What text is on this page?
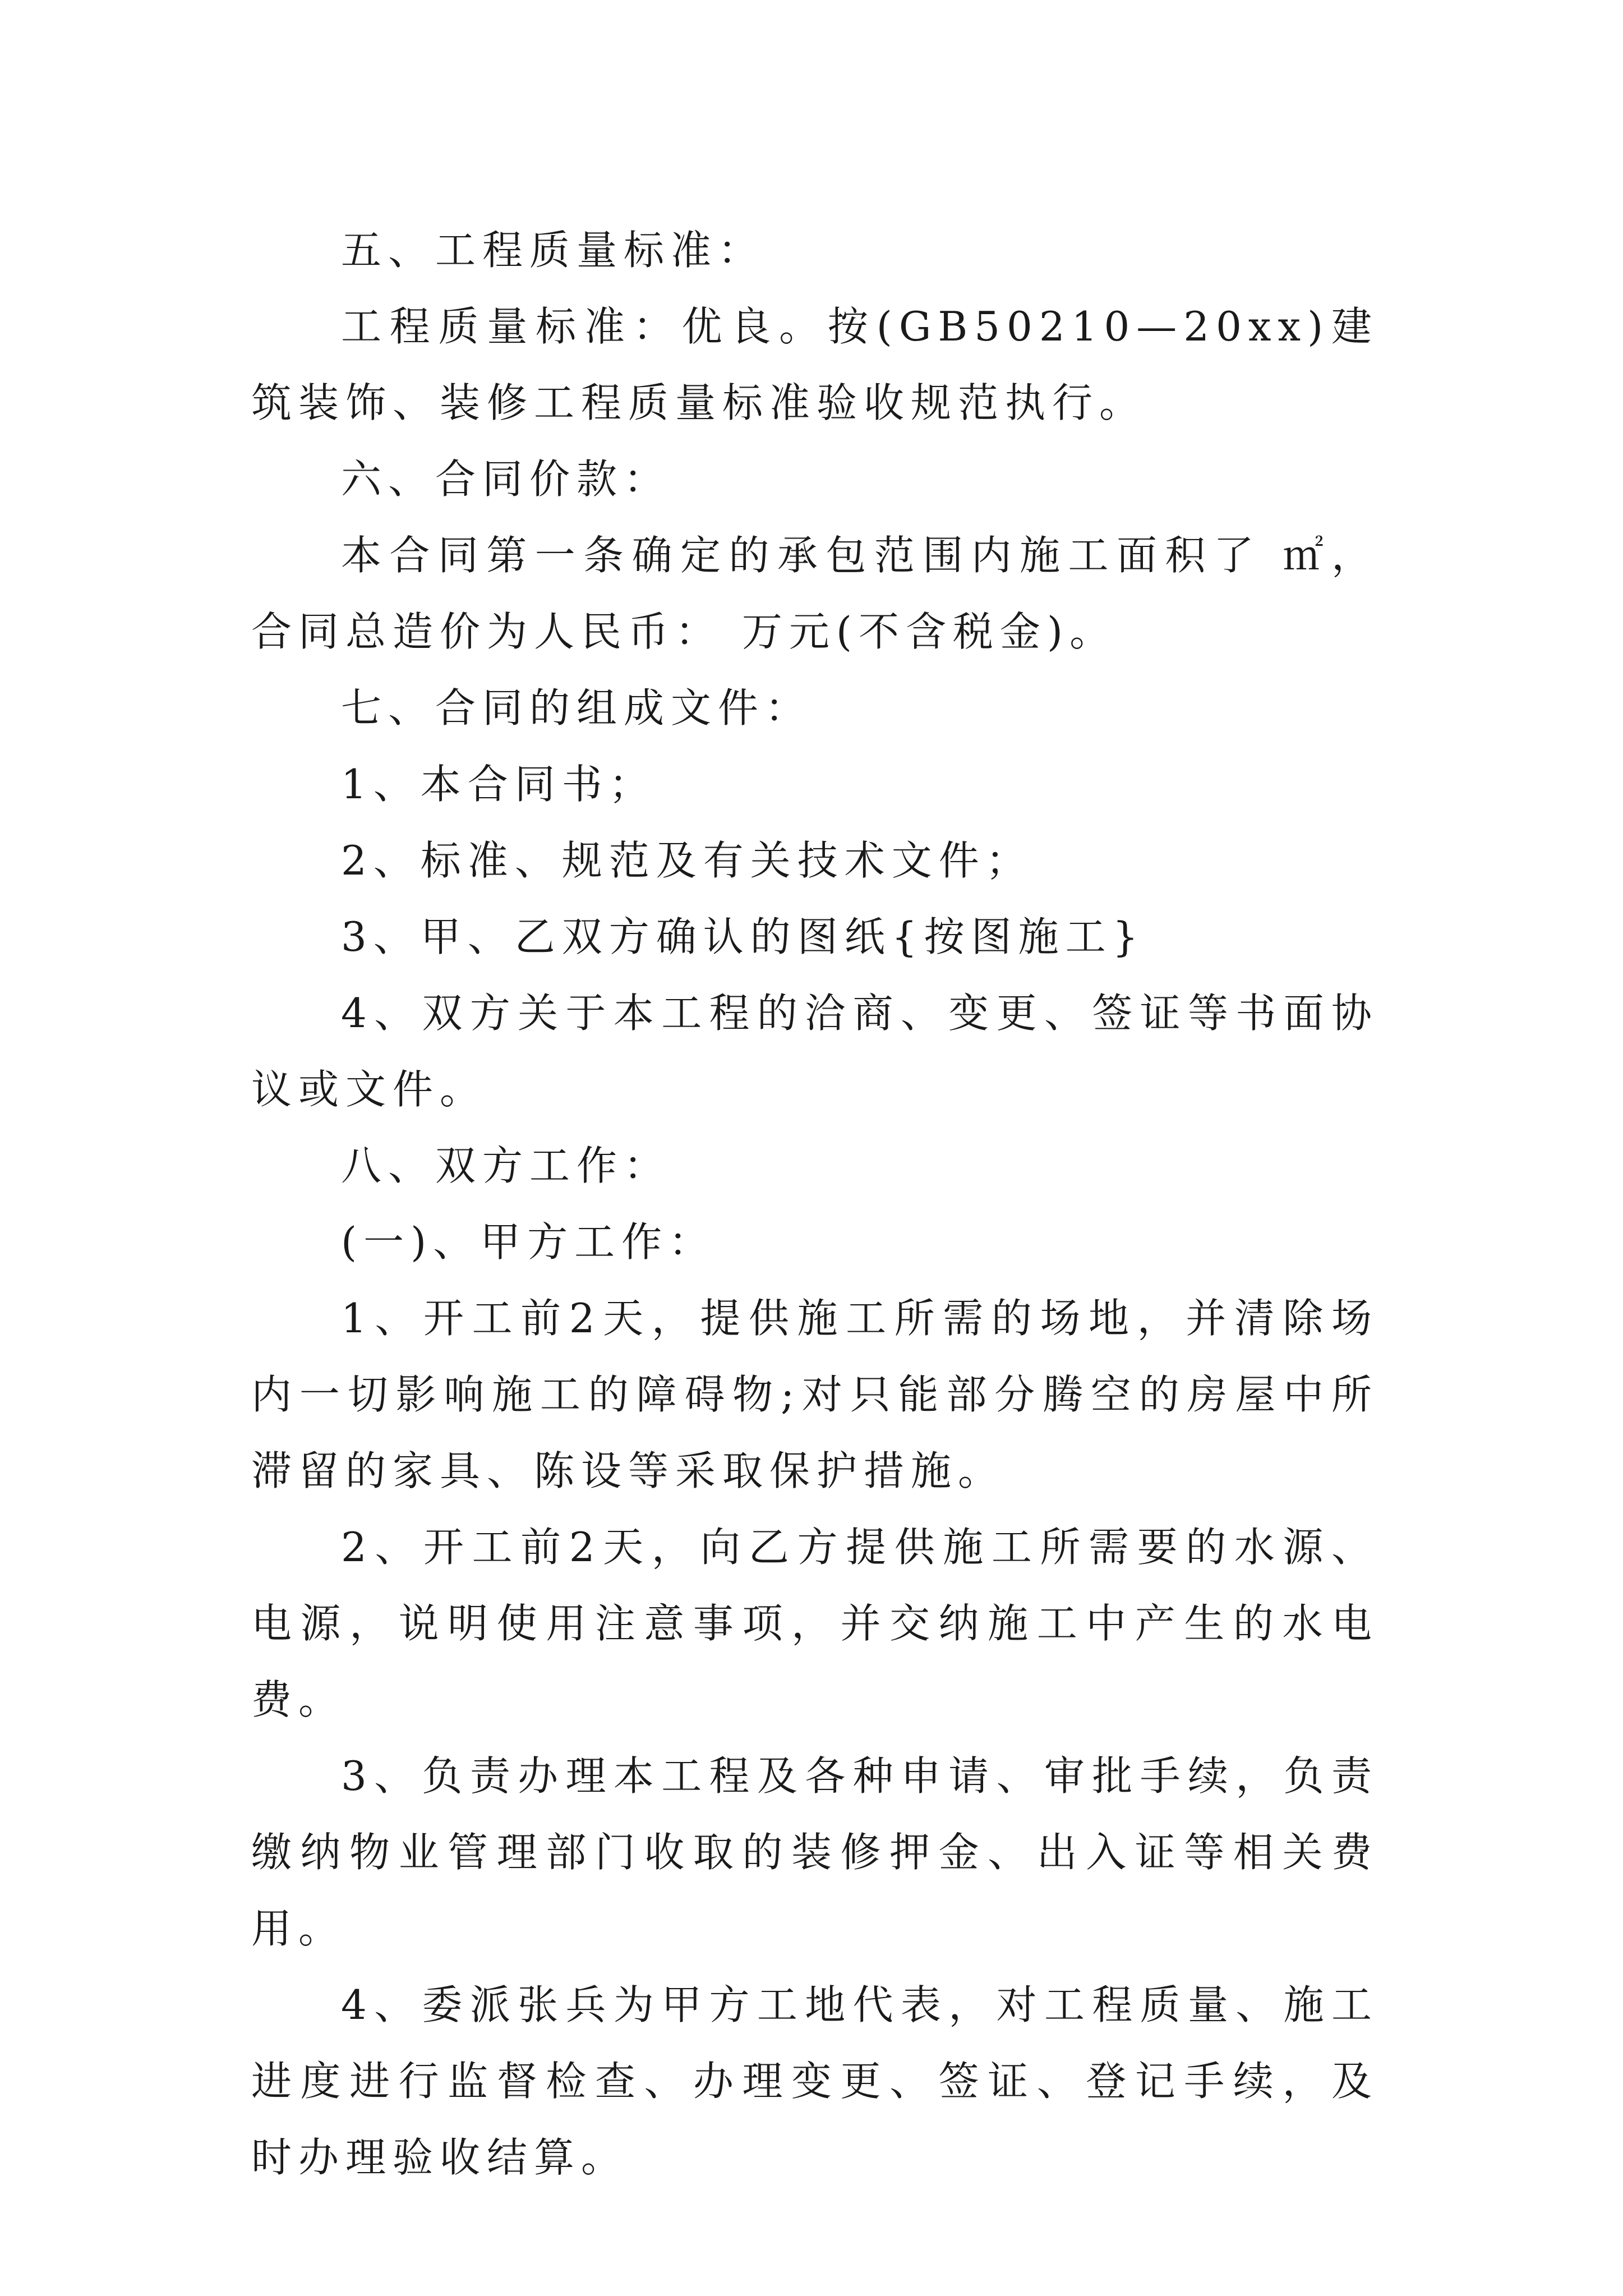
五、工程质量标准：

工程质量标准：优良。按(GB50210—20xx)建筑装饰、装修工程质量标准验收规范执行。

六、合同价款：

本合同第一条确定的承包范围内施工面积了 ㎡，合同总造价为人民币： 万元(不含税金)。

七、合同的组成文件：

1、本合同书；

2、标准、规范及有关技术文件；

3、甲、乙双方确认的图纸{按图施工}

4、双方关于本工程的洽商、变更、签证等书面协议或文件。

八、双方工作：

(一)、甲方工作：

1、开工前2天，提供施工所需的场地，并清除场内一切影响施工的障碍物;对只能部分腾空的房屋中所滞留的家具、陈设等采取保护措施。

2、开工前2天，向乙方提供施工所需要的水源、电源，说明使用注意事项，并交纳施工中产生的水电费。

3、负责办理本工程及各种申请、审批手续，负责缴纳物业管理部门收取的装修押金、出入证等相关费用。

4、委派张兵为甲方工地代表，对工程质量、施工进度进行监督检查、办理变更、签证、登记手续，及时办理验收结算。
